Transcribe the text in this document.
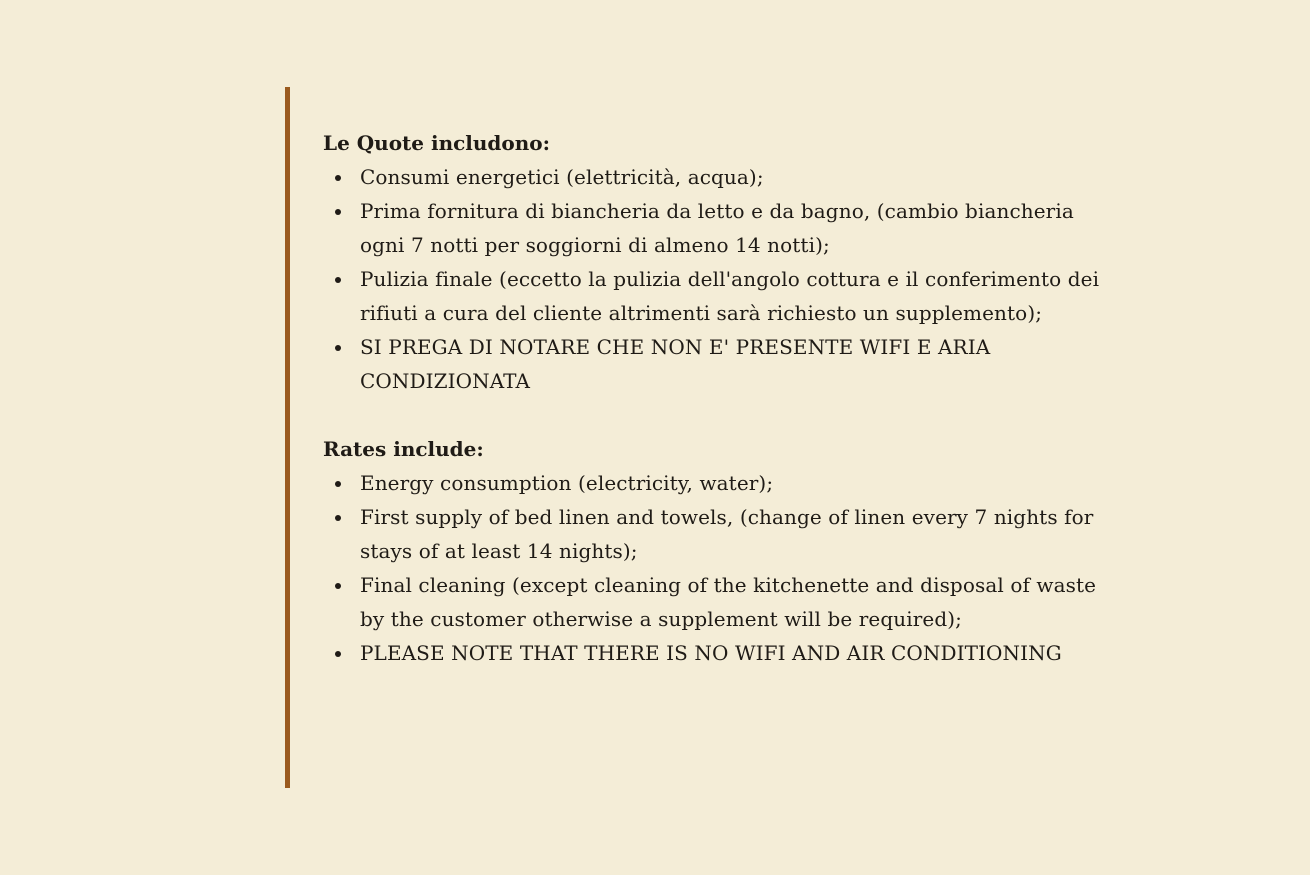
Le Quote includono:

Consumi energetici (elettricità, acqua);
Prima fornitura di biancheria da letto e da bagno, (cambio biancheria ogni 7 notti per soggiorni di almeno 14 notti);
Pulizia finale (eccetto la pulizia dell'angolo cottura e il conferimento dei rifiuti a cura del cliente altrimenti sarà richiesto un supplemento);
SI PREGA DI NOTARE CHE NON E' PRESENTE WIFI E ARIA CONDIZIONATA

Rates include:

Energy consumption (electricity, water);
First supply of bed linen and towels, (change of linen every 7 nights for stays of at least 14 nights);
Final cleaning (except cleaning of the kitchenette and disposal of waste by the customer otherwise a supplement will be required);
PLEASE NOTE THAT THERE IS NO WIFI AND AIR CONDITIONING
